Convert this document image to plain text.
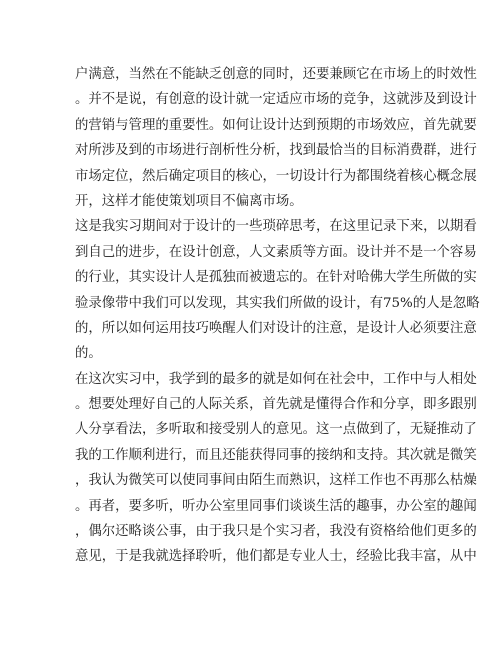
户满意，当然在不能缺乏创意的同时，还要兼顾它在市场上的时效性
。并不是说，有创意的设计就一定适应市场的竞争，这就涉及到设计
的营销与管理的重要性。如何让设计达到预期的市场效应，首先就要
对所涉及到的市场进行剖析性分析，找到最恰当的目标消费群，进行
市场定位，然后确定项目的核心，一切设计行为都围绕着核心概念展
开，这样才能使策划项目不偏离市场。
这是我实习期间对于设计的一些琐碎思考，在这里记录下来，以期看
到自己的进步，在设计创意，人文素质等方面。设计并不是一个容易
的行业，其实设计人是孤独而被遗忘的。在针对哈佛大学生所做的实
验录像带中我们可以发现，其实我们所做的设计，有75%的人是忽略
的，所以如何运用技巧唤醒人们对设计的注意，是设计人必须要注意
的。
在这次实习中，我学到的最多的就是如何在社会中，工作中与人相处
。想要处理好自己的人际关系，首先就是懂得合作和分享，即多跟别
人分享看法，多听取和接受别人的意见。这一点做到了，无疑推动了
我的工作顺利进行，而且还能获得同事的接纳和支持。其次就是微笑
，我认为微笑可以使同事间由陌生而熟识，这样工作也不再那么枯燥
。再者，要多听，听办公室里同事们谈谈生活的趣事，办公室的趣闻
，偶尔还略谈公事，由于我只是个实习者，我没有资格给他们更多的
意见，于是我就选择聆听，他们都是专业人士，经验比我丰富，从中
